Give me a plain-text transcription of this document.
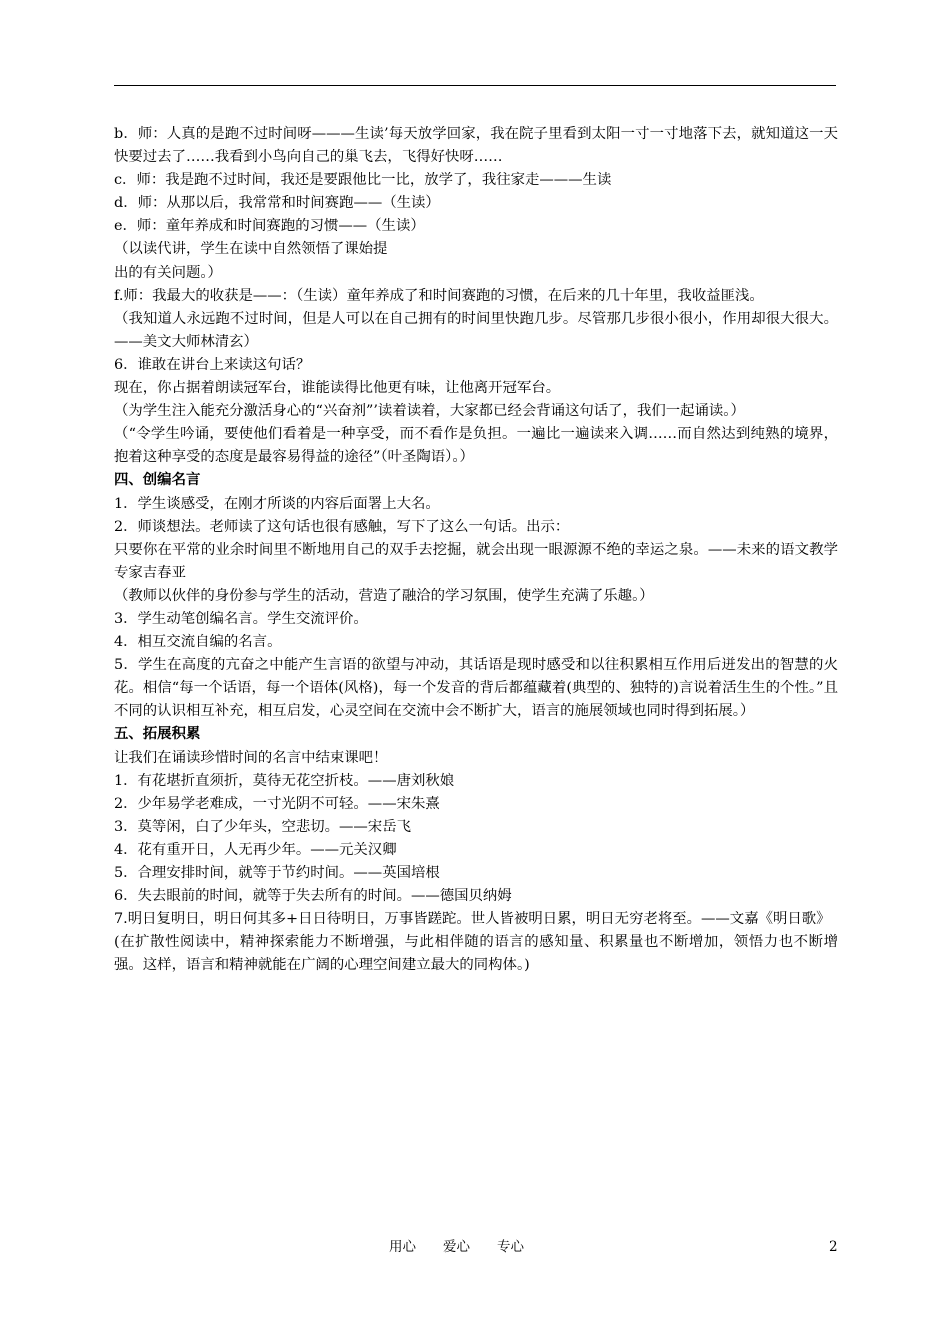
b．师：人真的是跑不过时间呀———生读’每天放学回家，我在院子里看到太阳一寸一寸地落下去，就知道这一天快要过去了……我看到小鸟向自己的巢飞去，飞得好快呀……

c．师：我是跑不过时间，我还是要跟他比一比，放学了，我往家走———生读

d．师：从那以后，我常常和时间赛跑——（生读）

e．师：童年养成和时间赛跑的习惯——（生读）

（以读代讲，学生在读中自然领悟了课始提

出的有关问题。）

f.师：我最大的收获是——：（生读）童年养成了和时间赛跑的习惯，在后来的几十年里，我收益匪浅。

（我知道人永远跑不过时间，但是人可以在自己拥有的时间里快跑几步。尽管那几步很小很小，作用却很大很大。——美文大师林清玄）

6．谁敢在讲台上来读这句话？

现在，你占据着朗读冠军台，谁能读得比他更有味，让他离开冠军台。

（为学生注入能充分激活身心的“兴奋剂”’读着读着，大家都已经会背诵这句话了，我们一起诵读。）

（“令学生吟诵，要使他们看着是一种享受，而不看作是负担。一遍比一遍读来入调……而自然达到纯熟的境界，抱着这种享受的态度是最容易得益的途径”（叶圣陶语）。）

四、创编名言

1．学生谈感受，在刚才所谈的内容后面署上大名。

2．师谈想法。老师读了这句话也很有感触，写下了这么一句话。出示：

只要你在平常的业余时间里不断地用自己的双手去挖掘，就会出现一眼源源不绝的幸运之泉。——未来的语文教学专家吉春亚

（教师以伙伴的身份参与学生的活动，营造了融洽的学习氛围，使学生充满了乐趣。）

3．学生动笔创编名言。学生交流评价。

4．相互交流自编的名言。

5．学生在高度的亢奋之中能产生言语的欲望与冲动，其话语是现时感受和以往积累相互作用后迸发出的智慧的火花。相信“每一个话语，每一个语体(风格)，每一个发音的背后都蕴藏着(典型的、独特的)言说着活生生的个性。”且不同的认识相互补充，相互启发，心灵空间在交流中会不断扩大，语言的施展领域也同时得到拓展。）

五、拓展积累

让我们在诵读珍惜时间的名言中结束课吧！

1．有花堪折直须折，莫待无花空折枝。——唐刘秋娘

2．少年易学老难成，一寸光阴不可轻。——宋朱熹

3．莫等闲，白了少年头，空悲切。——宋岳飞

4．花有重开日，人无再少年。——元关汉卿

5．合理安排时间，就等于节约时间。——英国培根

6．失去眼前的时间，就等于失去所有的时间。——德国贝纳姆

7.明日复明日，明日何其多+日日待明日，万事皆蹉跎。世人皆被明日累，明日无穷老将至。——文嘉《明日歌》

(在扩散性阅读中，精神探索能力不断增强，与此相伴随的语言的感知量、积累量也不断增加，领悟力也不断增强。这样，语言和精神就能在广阔的心理空间建立最大的同构体。)

用心　　爱心　　专心	2
